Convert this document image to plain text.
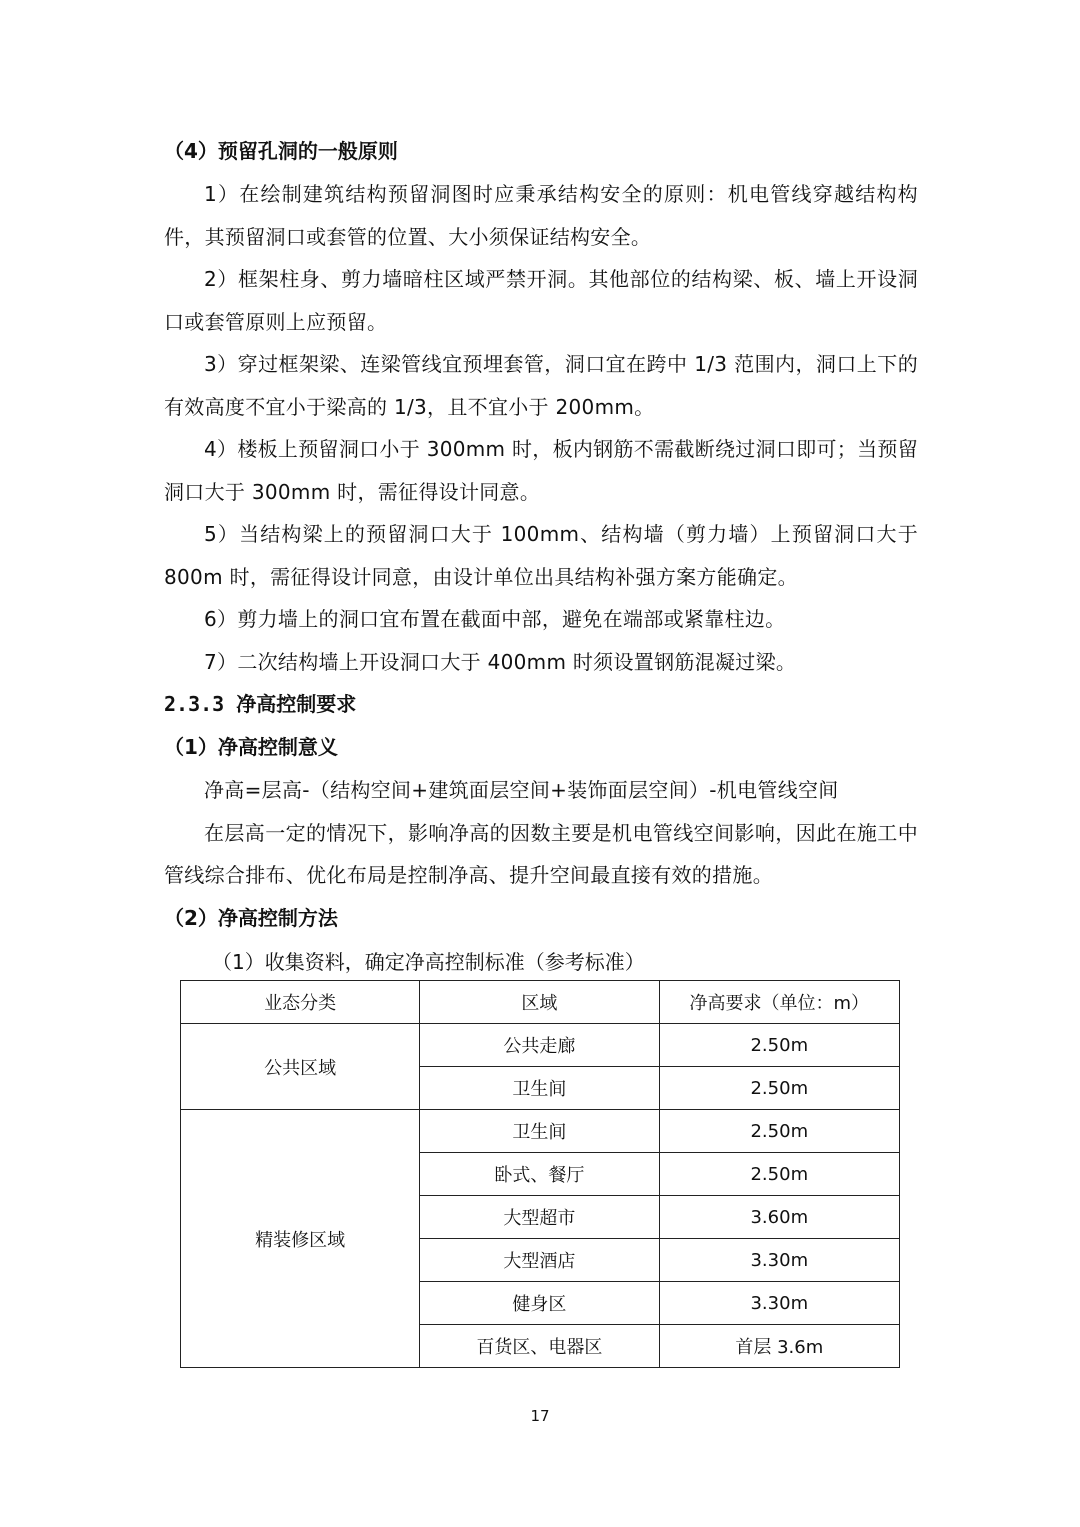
（4）预留孔洞的一般原则

1）在绘制建筑结构预留洞图时应秉承结构安全的原则：机电管线穿越结构构件，其预留洞口或套管的位置、大小须保证结构安全。

2）框架柱身、剪力墙暗柱区域严禁开洞。其他部位的结构梁、板、墙上开设洞口或套管原则上应预留。

3）穿过框架梁、连梁管线宜预埋套管，洞口宜在跨中 1/3 范围内，洞口上下的有效高度不宜小于梁高的 1/3，且不宜小于 200mm。

4）楼板上预留洞口小于 300mm 时，板内钢筋不需截断绕过洞口即可；当预留洞口大于 300mm 时，需征得设计同意。

5）当结构梁上的预留洞口大于 100mm、结构墙（剪力墙）上预留洞口大于800m 时，需征得设计同意，由设计单位出具结构补强方案方能确定。

6）剪力墙上的洞口宜布置在截面中部，避免在端部或紧靠柱边。

7）二次结构墙上开设洞口大于 400mm 时须设置钢筋混凝过梁。

2.3.3 净高控制要求
（1）净高控制意义

净高=层高-（结构空间+建筑面层空间+装饰面层空间）-机电管线空间

在层高一定的情况下，影响净高的因数主要是机电管线空间影响，因此在施工中管线综合排布、优化布局是控制净高、提升空间最直接有效的措施。

（2）净高控制方法
（1）收集资料，确定净高控制标准（参考标准）
业态分类	区域	净高要求（单位：m）
公共区域	公共走廊	2.50m
	卫生间	2.50m
精装修区域	卫生间	2.50m
	卧式、餐厅	2.50m
	大型超市	3.60m
	大型酒店	3.30m
	健身区	3.30m
	百货区、电器区	首层 3.6m
17
